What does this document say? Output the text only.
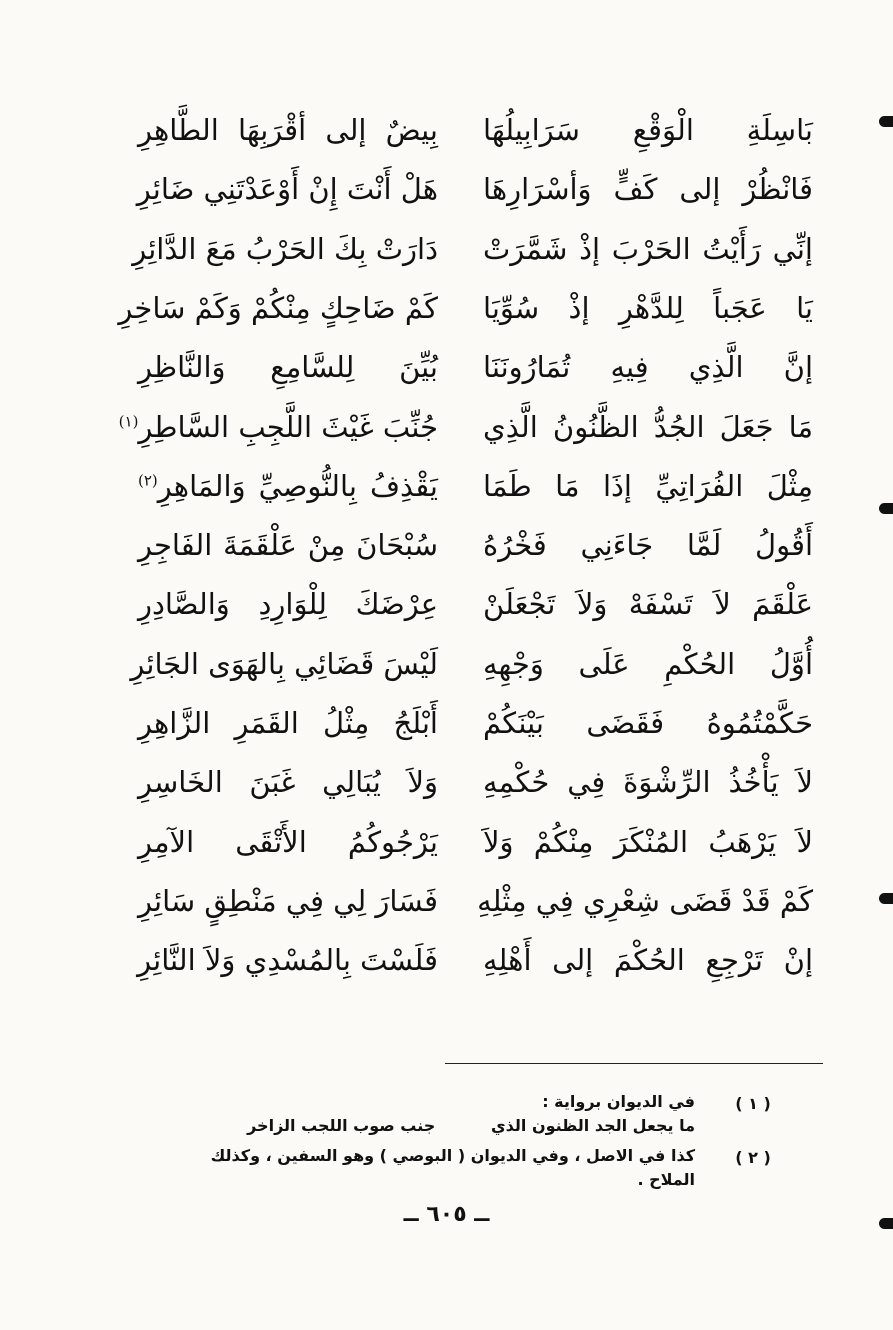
بَاسِلَةِ الْوَقْعِ سَرَابِيلُهَا
بِيضٌ إلى أقْرَبِهَا الطَّاهِرِ
فَانْظُرْ إلى كَفٍّ وَأسْرَارِهَا
هَلْ أَنْتَ إِنْ أَوْعَدْتَنِي ضَائِرِ
إنِّي رَأَيْتُ الحَرْبَ إذْ شَمَّرَتْ
دَارَتْ بِكَ الحَرْبُ مَعَ الدَّائِرِ
يَا عَجَباً لِلدَّهْرِ إذْ سُوِّيَا
كَمْ ضَاحِكٍ مِنْكُمْ وَكَمْ سَاخِرِ
إنَّ الَّذِي فِيهِ تُمَارُونَنَا
بُيِّنَ لِلسَّامِعِ وَالنَّاظِرِ
مَا جَعَلَ الجُدُّ الظَّنُونُ الَّذِي
جُنِّبَ غَيْثَ اللَّجِبِ السَّاطِرِ$^{(١)}$
مِثْلَ الفُرَاتِيِّ إذَا مَا طَمَا
يَقْذِفُ بِالنُّوصِيِّ وَالمَاهِرِ$^{(٢)}$
أَقُولُ لَمَّا جَاءَنِي فَخْرُهُ
سُبْحَانَ مِنْ عَلْقَمَةَ الفَاجِرِ
عَلْقَمَ لاَ تَسْفَهْ وَلاَ تَجْعَلَنْ
عِرْضَكَ لِلْوَارِدِ وَالصَّادِرِ
أُوَّلُ الحُكْمِ عَلَى وَجْهِهِ
لَيْسَ قَضَائِي بِالهَوَى الجَائِرِ
حَكَّمْتُمُوهُ فَقَضَى بَيْنَكُمْ
أَبْلَجُ مِثْلُ القَمَرِ الزَّاهِرِ
لاَ يَأْخُذُ الرِّشْوَةَ فِي حُكْمِهِ
وَلاَ يُبَالِي غَبَنَ الخَاسِرِ
لاَ يَرْهَبُ المُنْكَرَ مِنْكُمْ وَلاَ
يَرْجُوكُمُ الأَتْقَى الآمِرِ
كَمْ قَدْ قَضَى شِعْرِي فِي مِثْلِهِ
فَسَارَ لِي فِي مَنْطِقٍ سَائِرِ
إنْ تَرْجِعِ الحُكْمَ إلى أَهْلِهِ
فَلَسْتَ بِالمُسْدِي وَلاَ النَّائِرِ
( ١ )
في الديوان برواية :
ما يجعل الجد الظنون الذي          جنب صوب اللجب الزاخر
( ٢ )
كذا في الاصل ، وفي الديوان ( البوصي ) وهو السفين ، وكذلك
الملاح .
ــ ٦٠٥ ــ
